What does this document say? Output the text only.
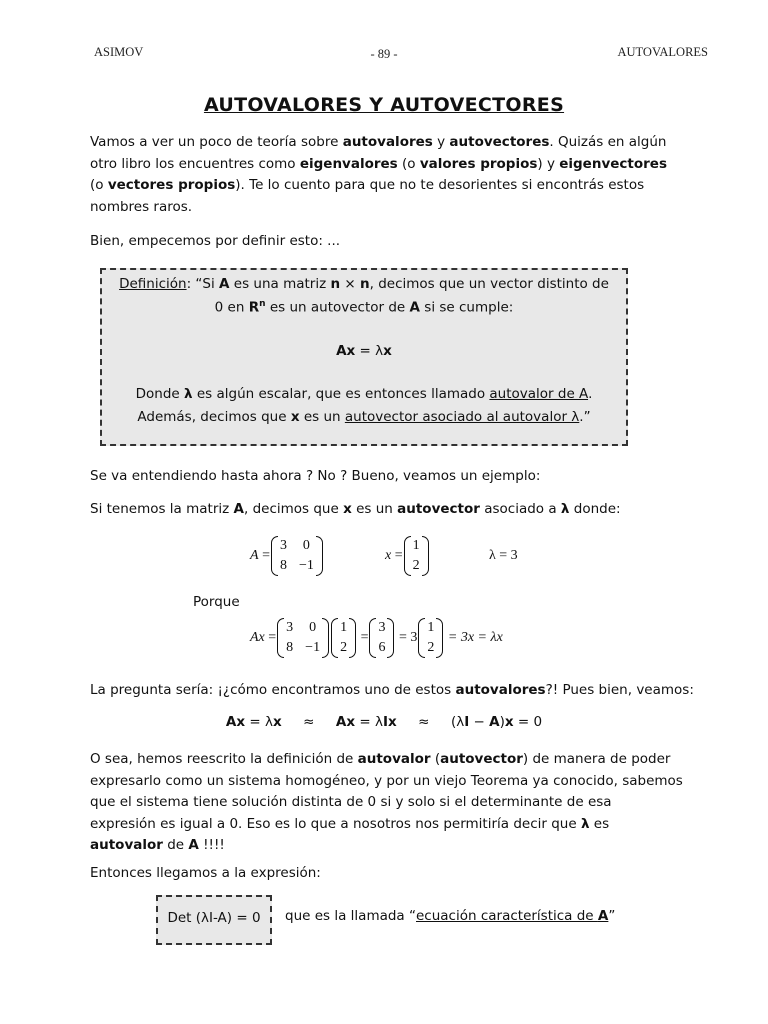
ASIMOV	- 89 -	AUTOVALORES
AUTOVALORES Y AUTOVECTORES
Vamos a ver un poco de teoría sobre autovalores y autovectores. Quizás en algún
otro libro los encuentres como eigenvalores (o valores propios) y eigenvectores
(o vectores propios). Te lo cuento para que no te desorientes si encontrás estos
nombres raros.
Bien, empecemos por definir esto: ...
Definición: “Si A es una matriz n × n, decimos que un vector distinto de
0 en $R^n$ es un autovector de A si se cumple:
Ax = λx
Donde λ es algún escalar, que es entonces llamado autovalor de A.
Además, decimos que x es un autovector asociado al autovalor λ.”
Se va entendiendo hasta ahora ? No ? Bueno, veamos un ejemplo:
Si tenemos la matriz A, decimos que x es un autovector asociado a λ donde:
A
=
3 0
8 −1
x
=
1
2
λ = 3
Porque
Ax
=
3 0
8 −1
1
2

=
3
6

=
3
1
2

= 3x = λx
La pregunta sería: ¡¿cómo encontramos uno de estos autovalores?! Pues bien, veamos:
Ax = λx ≈ Ax = λIx ≈ (λI − A)x = 0
O sea, hemos reescrito la definición de autovalor (autovector) de manera de poder
expresarlo como un sistema homogéneo, y por un viejo Teorema ya conocido, sabemos
que el sistema tiene solución distinta de 0 si y solo si el determinante de esa
expresión es igual a 0. Eso es lo que a nosotros nos permitiría decir que λ es
autovalor de A !!!!
Entonces llegamos a la expresión:
Det (λI-A) = 0	que es la llamada “ecuación característica de A”
